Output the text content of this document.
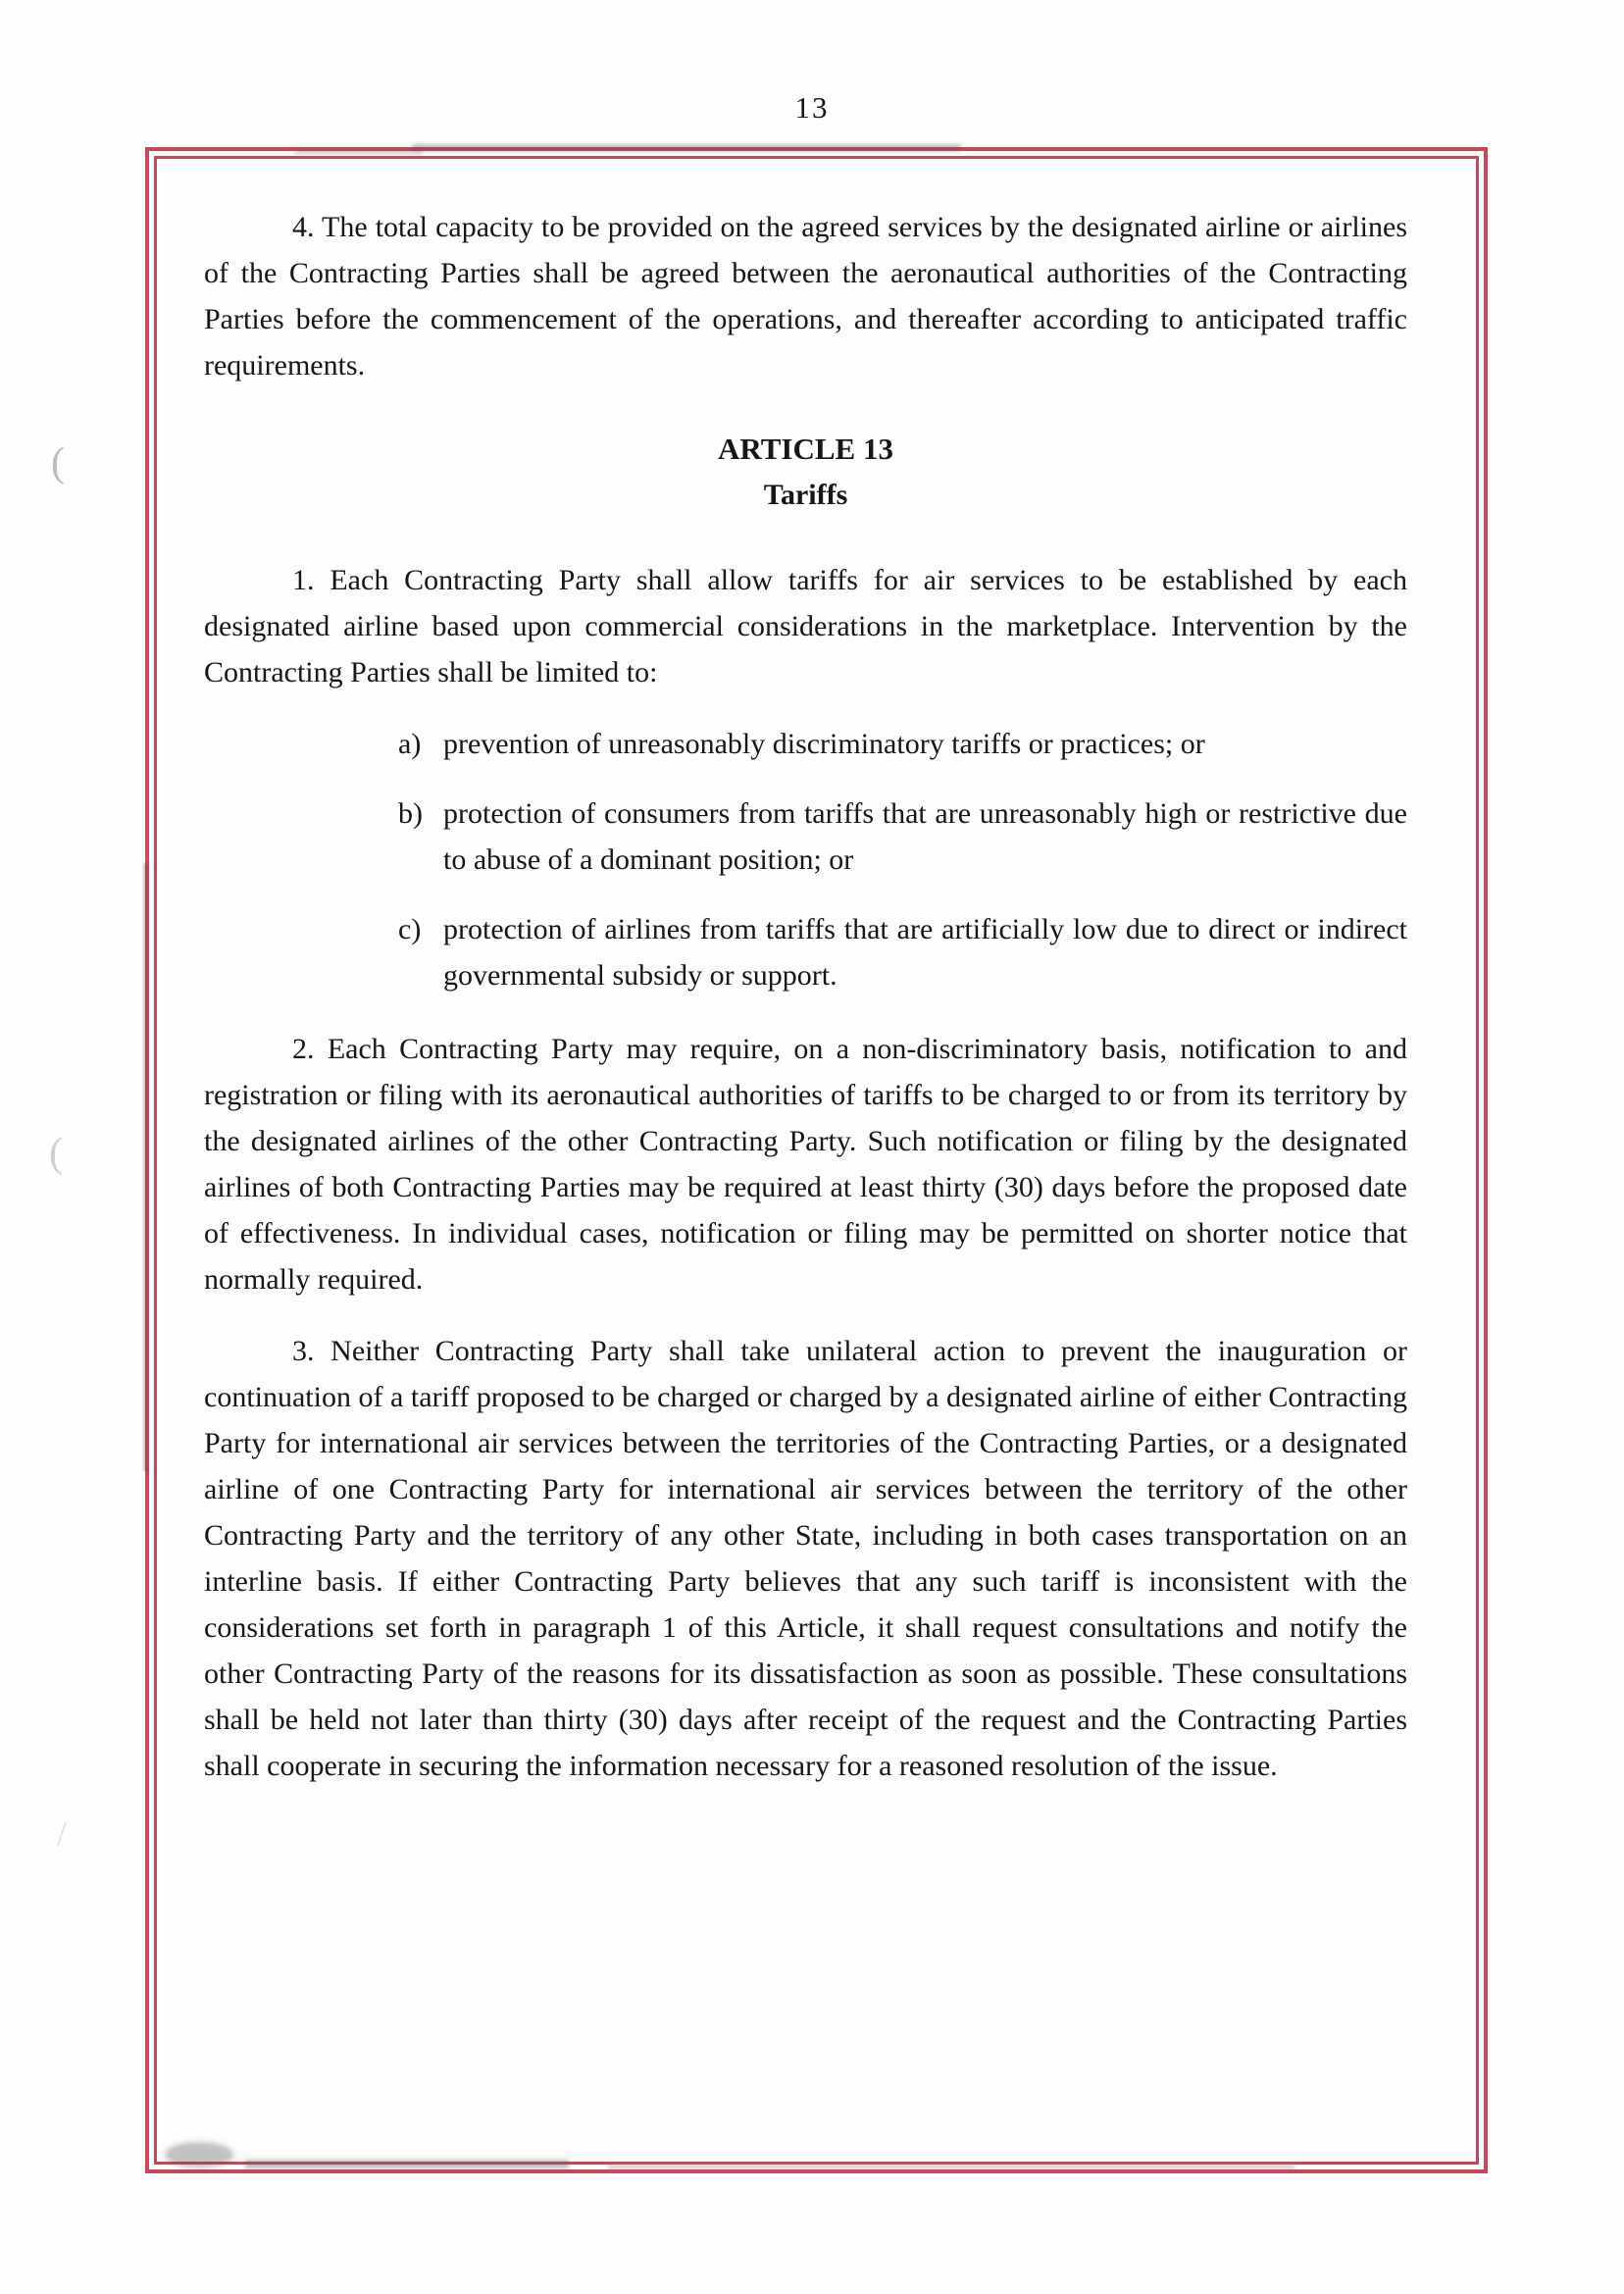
13
(
(
/

4. The total capacity to be provided on the agreed services by the designated airline or airlines of the Contracting Parties shall be agreed between the aeronautical authorities of the Contracting Parties before the commencement of the operations, and thereafter according to anticipated traffic requirements.

ARTICLE 13
Tariffs

1. Each Contracting Party shall allow tariffs for air services to be established by each designated airline based upon commercial considerations in the marketplace. Intervention by the Contracting Parties shall be limited to:

a) prevention of unreasonably discriminatory tariffs or practices; or
b) protection of consumers from tariffs that are unreasonably high or restrictive due to abuse of a dominant position; or
c) protection of airlines from tariffs that are artificially low due to direct or indirect governmental subsidy or support.

2. Each Contracting Party may require, on a non-discriminatory basis, notification to and registration or filing with its aeronautical authorities of tariffs to be charged to or from its territory by the designated airlines of the other Contracting Party. Such notification or filing by the designated airlines of both Contracting Parties may be required at least thirty (30) days before the proposed date of effectiveness. In individual cases, notification or filing may be permitted on shorter notice that normally required.

3. Neither Contracting Party shall take unilateral action to prevent the inauguration or continuation of a tariff proposed to be charged or charged by a designated airline of either Contracting Party for international air services between the territories of the Contracting Parties, or a designated airline of one Contracting Party for international air services between the territory of the other Contracting Party and the territory of any other State, including in both cases transportation on an interline basis. If either Contracting Party believes that any such tariff is inconsistent with the considerations set forth in paragraph 1 of this Article, it shall request consultations and notify the other Contracting Party of the reasons for its dissatisfaction as soon as possible. These consultations shall be held not later than thirty (30) days after receipt of the request and the Contracting Parties shall cooperate in securing the information necessary for a reasoned resolution of the issue.
